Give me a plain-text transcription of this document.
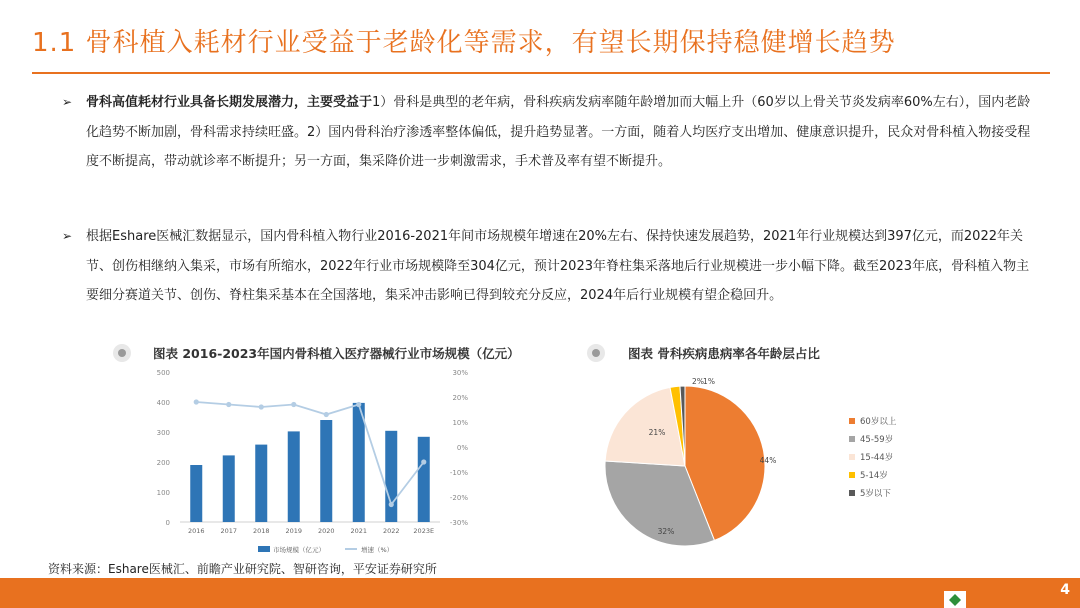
1.1 骨科植入耗材行业受益于老龄化等需求，有望长期保持稳健增长趋势
➢	骨科高值耗材行业具备长期发展潜力，主要受益于1）骨科是典型的老年病，骨科疾病发病率随年龄增加而大幅上升（60岁以上骨关节炎发病率60%左右），国内老龄化趋势不断加剧，骨科需求持续旺盛。2）国内骨科治疗渗透率整体偏低，提升趋势显著。一方面，随着人均医疗支出增加、健康意识提升，民众对骨科植入物接受程度不断提高，带动就诊率不断提升；另一方面，集采降价进一步刺激需求，手术普及率有望不断提升。
➢	根据Eshare医械汇数据显示，国内骨科植入物行业2016-2021年间市场规模年增速在20%左右、保持快速发展趋势，2021年行业规模达到397亿元，而2022年关节、创伤相继纳入集采，市场有所缩水，2022年行业市场规模降至304亿元，预计2023年脊柱集采落地后行业规模进一步小幅下降。截至2023年底，骨科植入物主要细分赛道关节、创伤、脊柱集采基本在全国落地，集采冲击影响已得到较充分反应，2024年后行业规模有望企稳回升。
图表 2016-2023年国内骨科植入医疗器械行业市场规模（亿元）	图表 骨科疾病患病率各年龄层占比
0
100
200
300
400
500
-30%
-20%
-10%
0%
10%
20%
30%
2016 2017 2018 2019 2020 2021 2022 2023E
市场规模（亿元）	增速（%）
44%
32%
21%
2% 1%
60岁以上
45-59岁
15-44岁
5-14岁
5岁以下
资料来源：Eshare医械汇、前瞻产业研究院、智研咨询，平安证券研究所
4
